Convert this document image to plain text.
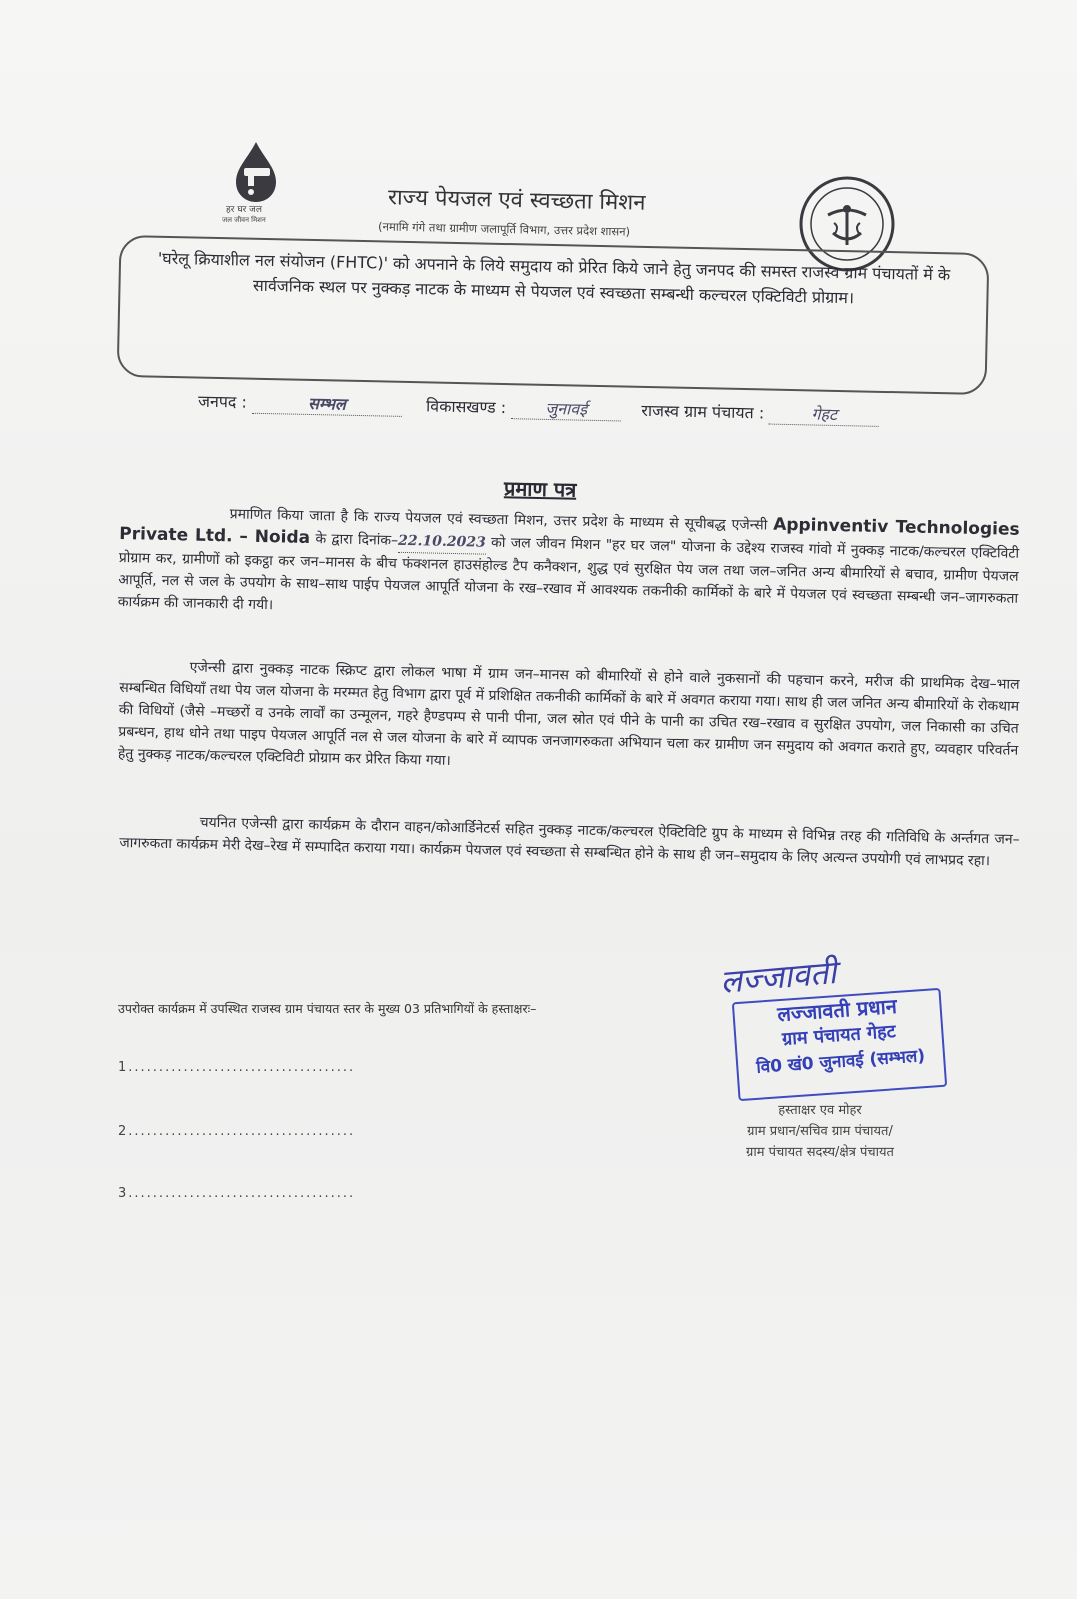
हर घर जल
जल जीवन मिशन
राज्य पेयजल एवं स्वच्छता मिशन
(नमामि गंगे तथा ग्रामीण जलापूर्ति विभाग, उत्तर प्रदेश शासन)
'घरेलू क्रियाशील नल संयोजन (FHTC)' को अपनाने के लिये समुदाय को प्रेरित किये जाने हेतु जनपद की समस्त राजस्व ग्राम पंचायतों में के सार्वजनिक स्थल पर नुक्कड़ नाटक के माध्यम से पेयजल एवं स्वच्छता सम्बन्धी कल्चरल एक्टिविटी प्रोग्राम।
जनपद :	सम्भल	विकासखण्ड : जुनावई	राजस्व ग्राम पंचायत :	गेहट
प्रमाण पत्र
प्रमाणित किया जाता है कि राज्य पेयजल एवं स्वच्छता मिशन, उत्तर प्रदेश के माध्यम से सूचीबद्ध एजेन्सी Appinventiv Technologies Private Ltd. – Noida के द्वारा दिनांक–22.10.2023 को जल जीवन मिशन "हर घर जल" योजना के उद्देश्य राजस्व गांवो में नुक्कड़ नाटक/कल्चरल एक्टिविटी प्रोग्राम कर, ग्रामीणों को इकट्ठा कर जन–मानस के बीच फंक्शनल हाउसंहोल्ड टैप कनैक्शन, शुद्ध एवं सुरक्षित पेय जल तथा जल–जनित अन्य बीमारियों से बचाव, ग्रामीण पेयजल आपूर्ति, नल से जल के उपयोग के साथ–साथ पाईप पेयजल आपूर्ति योजना के रख–रखाव में आवश्यक तकनीकी कार्मिकों के बारे में पेयजल एवं स्वच्छता सम्बन्धी जन–जागरुकता कार्यक्रम की जानकारी दी गयी।
एजेन्सी द्वारा नुक्कड़ नाटक स्क्रिप्ट द्वारा लोकल भाषा में ग्राम जन–मानस को बीमारियों से होने वाले नुकसानों की पहचान करने, मरीज की प्राथमिक देख–भाल सम्बन्धित विधियाँ तथा पेय जल योजना के मरम्मत हेतु विभाग द्वारा पूर्व में प्रशिक्षित तकनीकी कार्मिकों के बारे में अवगत कराया गया। साथ ही जल जनित अन्य बीमारियों के रोकथाम की विधियों (जैसे –मच्छरों व उनके लार्वों का उन्मूलन, गहरे हैण्डपम्प से पानी पीना, जल स्रोत एवं पीने के पानी का उचित रख–रखाव व सुरक्षित उपयोग, जल निकासी का उचित प्रबन्धन, हाथ धोने तथा पाइप पेयजल आपूर्ति नल से जल योजना के बारे में व्यापक जनजागरुकता अभियान चला कर ग्रामीण जन समुदाय को अवगत कराते हुए, व्यवहार परिवर्तन हेतु नुक्कड़ नाटक/कल्चरल एक्टिविटी प्रोग्राम कर प्रेरित किया गया।
चयनित एजेन्सी द्वारा कार्यक्रम के दौरान वाहन/कोआर्डिनेटर्स सहित नुक्कड़ नाटक/कल्चरल ऐक्टिविटि ग्रुप के माध्यम से विभिन्न तरह की गतिविधि के अर्न्तगत जन–जागरुकता कार्यक्रम मेरी देख–रेख में सम्पादित कराया गया। कार्यक्रम पेयजल एवं स्वच्छता से सम्बन्धित होने के साथ ही जन–समुदाय के लिए अत्यन्त उपयोगी एवं लाभप्रद रहा।
उपरोक्त कार्यक्रम में उपस्थित राजस्व ग्राम पंचायत स्तर के मुख्य 03 प्रतिभागियों के हस्ताक्षरः–
1.....................................
2.....................................
3.....................................
लज्जावती
लज्जावती प्रधान
ग्राम पंचायत गेहट
वि0 खं0 जुनावई (सम्भल)
हस्ताक्षर एव मोहर
ग्राम प्रधान/सचिव ग्राम पंचायत/
ग्राम पंचायत सदस्य/क्षेत्र पंचायत
